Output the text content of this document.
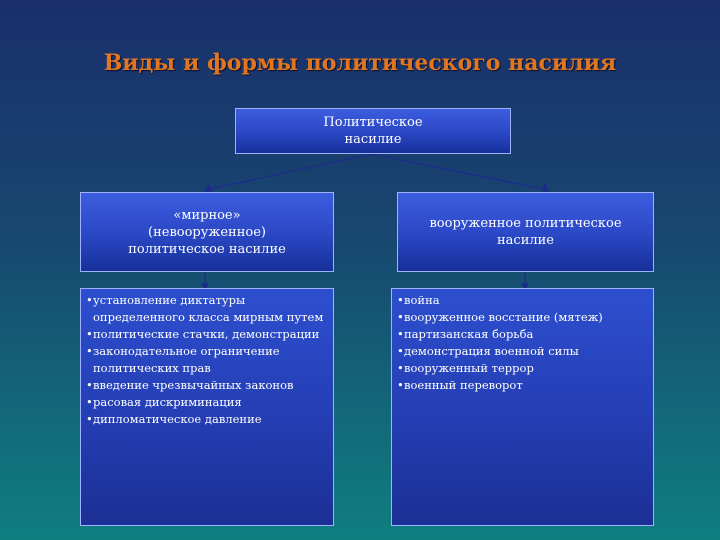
Виды и формы политического насилия
Политическое
насилие
«мирное»
(невооруженное)
политическое насилие
вооруженное политическое
насилие
• установление диктатуры определенного класса мирным путем
• политические стачки, демонстрации
• законодательное ограничение политических прав
• введение чрезвычайных законов
• расовая дискриминация
• дипломатическое давление
• война
• вооруженное восстание (мятеж)
• партизанская борьба
• демонстрация военной силы
• вооруженный террор
• военный переворот
